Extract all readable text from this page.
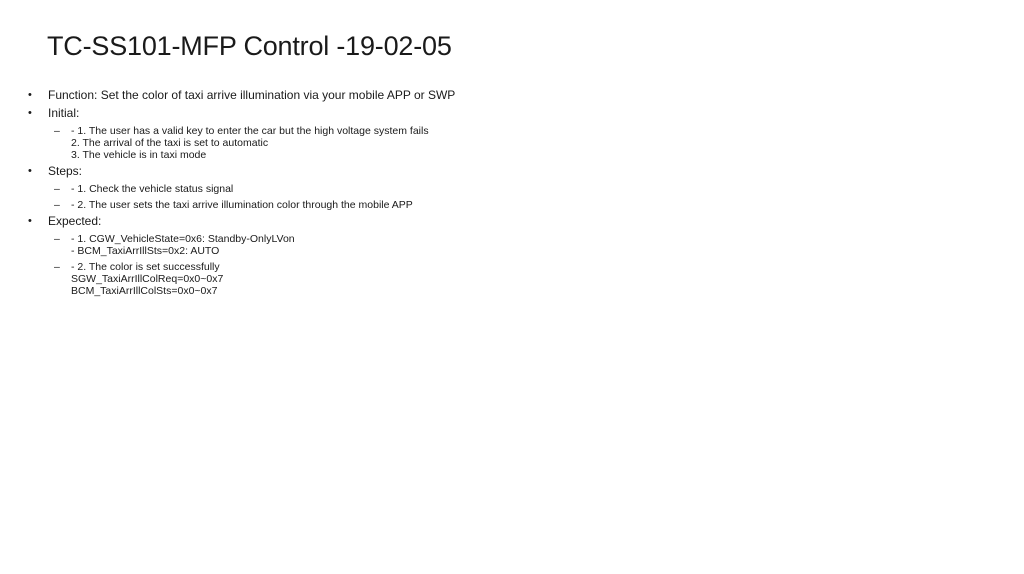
TC-SS101-MFP Control -19-02-05
• Function: Set the color of taxi arrive illumination via your mobile APP or SWP
• Initial:
– - 1. The user has a valid key to enter the car but the high voltage system fails
2. The arrival of the taxi is set to automatic
3. The vehicle is in taxi mode
• Steps:
– - 1. Check the vehicle status signal
– - 2. The user sets the taxi arrive illumination color through the mobile APP
• Expected:
– - 1. CGW_VehicleState=0x6: Standby-OnlyLVon
- BCM_TaxiArrIllSts=0x2: AUTO
– - 2. The color is set successfully
SGW_TaxiArrIllColReq=0x0~0x7
BCM_TaxiArrIllColSts=0x0~0x7
